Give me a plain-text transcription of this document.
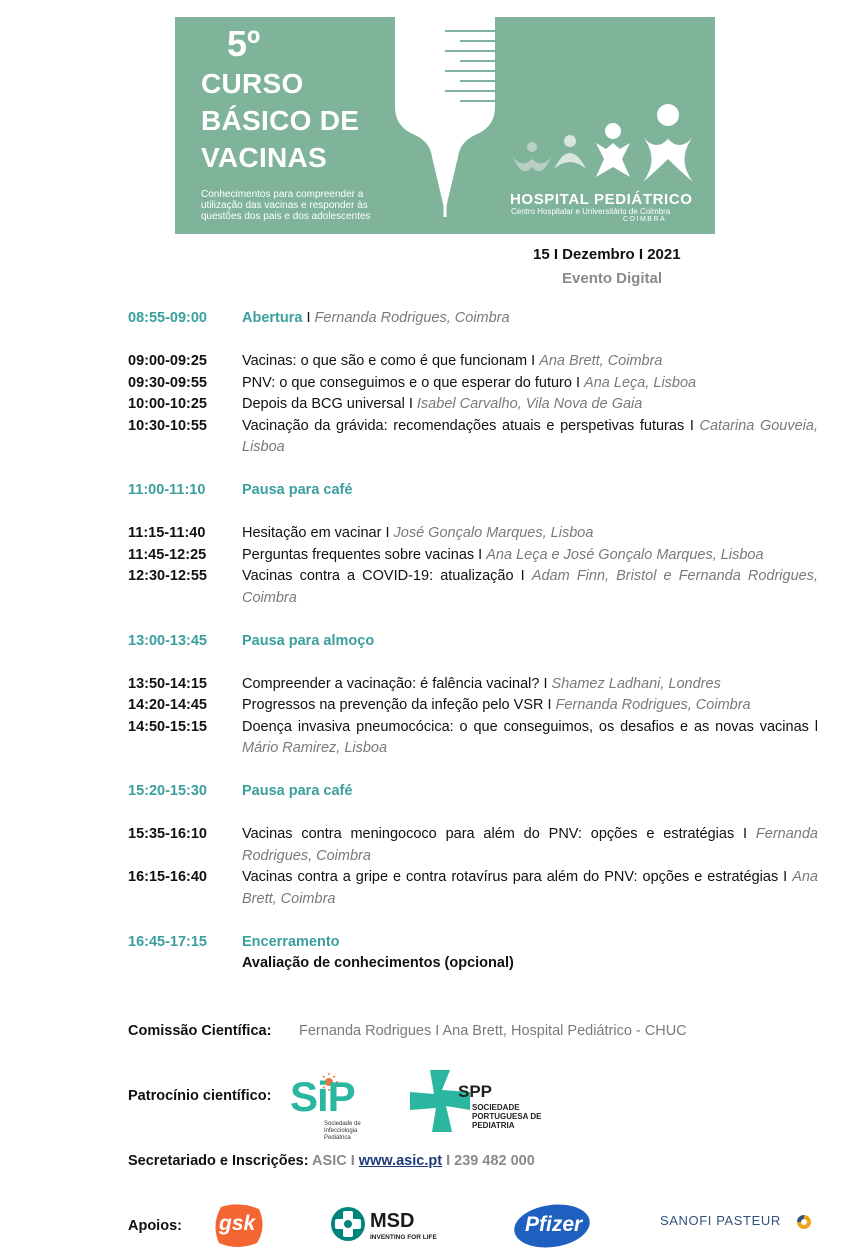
5º
CURSO
BÁSICO DE
VACINAS
Conhecimentos para compreender a utilização das vacinas e responder às questões dos pais e dos adolescentes
HOSPITAL PEDIÁTRICO
Centro Hospitalar e Universitário de Coimbra
COIMBRA
15 I Dezembro I 2021
Evento Digital
08:55-09:00	Abertura I Fernanda Rodrigues, Coimbra
09:00-09:25	Vacinas: o que são e como é que funcionam I Ana Brett, Coimbra
09:30-09:55	PNV: o que conseguimos e o que esperar do futuro I Ana Leça, Lisboa
10:00-10:25	Depois da BCG universal I Isabel Carvalho, Vila Nova de Gaia
10:30-10:55	Vacinação da grávida: recomendações atuais e perspetivas futuras I Catarina Gouveia, Lisboa
11:00-11:10	Pausa para café
11:15-11:40	Hesitação em vacinar I José Gonçalo Marques, Lisboa
11:45-12:25	Perguntas frequentes sobre vacinas I Ana Leça e José Gonçalo Marques, Lisboa
12:30-12:55	Vacinas contra a COVID-19: atualização I Adam Finn, Bristol e Fernanda Rodrigues, Coimbra
13:00-13:45	Pausa para almoço
13:50-14:15	Compreender a vacinação: é falência vacinal? I Shamez Ladhani, Londres
14:20-14:45	Progressos na prevenção da infeção pelo VSR I Fernanda Rodrigues, Coimbra
14:50-15:15	Doença invasiva pneumocócica: o que conseguimos, os desafios e as novas vacinas l Mário Ramirez, Lisboa
15:20-15:30	Pausa para café
15:35-16:10	Vacinas contra meningococo para além do PNV: opções e estratégias I Fernanda Rodrigues, Coimbra
16:15-16:40	Vacinas contra a gripe e contra rotavírus para além do PNV: opções e estratégias I Ana Brett, Coimbra
16:45-17:15	Encerramento
Avaliação de conhecimentos (opcional)
Comissão Científica: Fernanda Rodrigues I Ana Brett, Hospital Pediátrico - CHUC
Patrocínio científico: SiP
Sociedade de Infecciologia Pediátrica
SPP
SOCIEDADE PORTUGUESA DE PEDIATRIA
Secretariado e Inscrições: ASIC I www.asic.pt I 239 482 000
Apoios: gsk	MSD
INVENTING FOR LIFE
Pfizer	SANOFI PASTEUR
